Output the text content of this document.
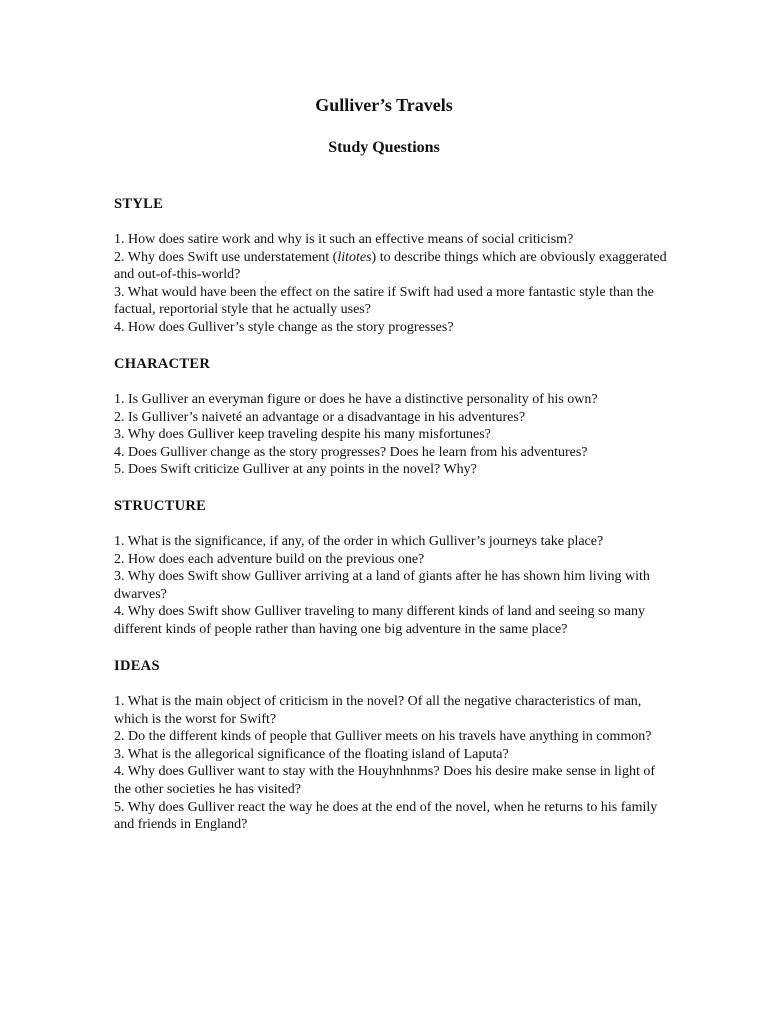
Gulliver’s Travels
Study Questions

STYLE

1. How does satire work and why is it such an effective means of social criticism?

2. Why does Swift use understatement (litotes) to describe things which are obviously exaggerated and out-of-this-world?

3. What would have been the effect on the satire if Swift had used a more fantastic style than the factual, reportorial style that he actually uses?

4. How does Gulliver’s style change as the story progresses?

CHARACTER

1. Is Gulliver an everyman figure or does he have a distinctive personality of his own?

2. Is Gulliver’s naiveté an advantage or a disadvantage in his adventures?

3. Why does Gulliver keep traveling despite his many misfortunes?

4. Does Gulliver change as the story progresses? Does he learn from his adventures?

5. Does Swift criticize Gulliver at any points in the novel? Why?

STRUCTURE

1. What is the significance, if any, of the order in which Gulliver’s journeys take place?

2. How does each adventure build on the previous one?

3. Why does Swift show Gulliver arriving at a land of giants after he has shown him living with dwarves?

4. Why does Swift show Gulliver traveling to many different kinds of land and seeing so many different kinds of people rather than having one big adventure in the same place?

IDEAS

1. What is the main object of criticism in the novel? Of all the negative characteristics of man, which is the worst for Swift?

2. Do the different kinds of people that Gulliver meets on his travels have anything in common?

3. What is the allegorical significance of the floating island of Laputa?

4. Why does Gulliver want to stay with the Houyhnhnms? Does his desire make sense in light of the other societies he has visited?

5. Why does Gulliver react the way he does at the end of the novel, when he returns to his family and friends in England?
